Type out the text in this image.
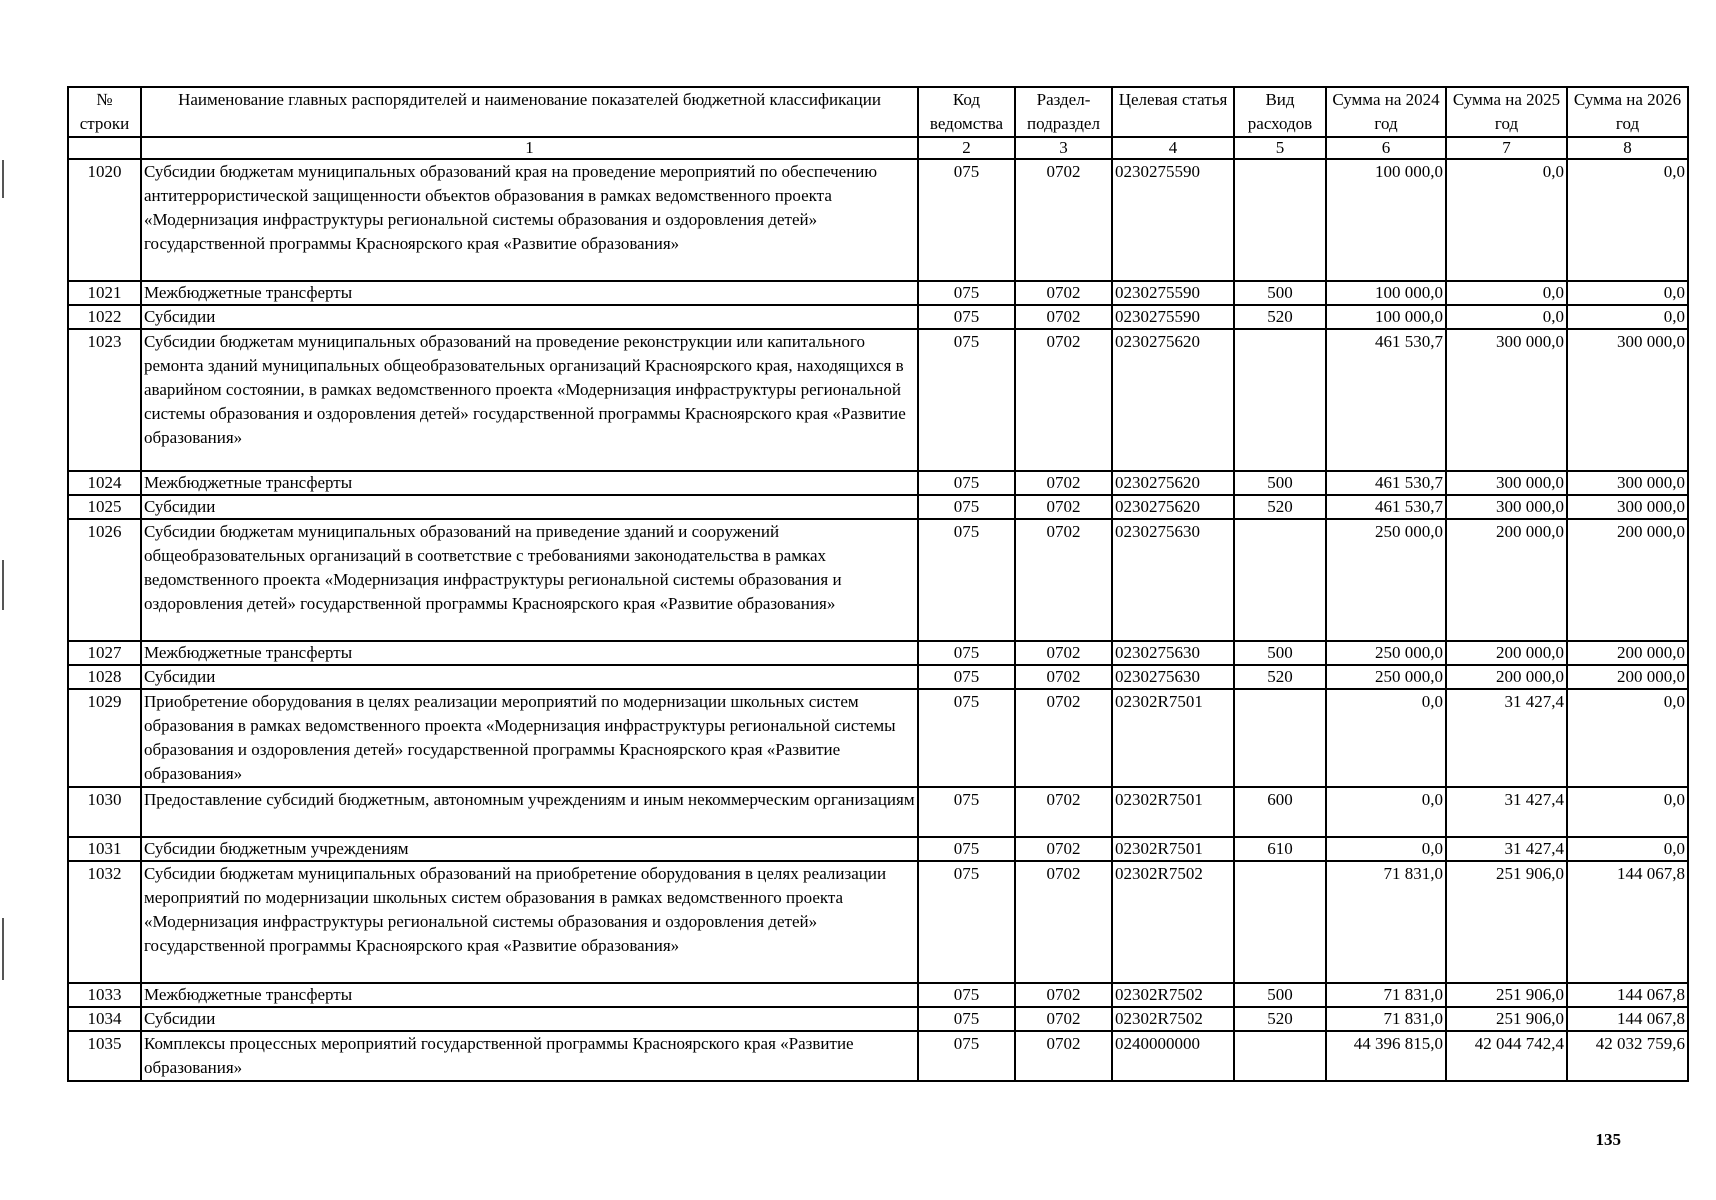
№ строки	Наименование главных распорядителей и наименование показателей бюджетной классификации	Код ведомства	Раздел-подраздел	Целевая статья	Вид расходов	Сумма на 2024 год	Сумма на 2025 год	Сумма на 2026 год
	1	2	3	4	5	6	7	8
1020	Субсидии бюджетам муниципальных образований края на проведение мероприятий по обеспечению антитеррористической защищенности объектов образования в рамках ведомственного проекта «Модернизация инфраструктуры региональной системы образования и оздоровления детей» государственной программы Красноярского края «Развитие образования»	075	0702	0230275590		100 000,0	0,0	0,0
1021	Межбюджетные трансферты	075	0702	0230275590	500	100 000,0	0,0	0,0
1022	Субсидии	075	0702	0230275590	520	100 000,0	0,0	0,0
1023	Субсидии бюджетам муниципальных образований на проведение реконструкции или капитального ремонта зданий муниципальных общеобразовательных организаций Красноярского края, находящихся в аварийном состоянии, в рамках ведомственного проекта «Модернизация инфраструктуры региональной системы образования и оздоровления детей» государственной программы Красноярского края «Развитие образования»	075	0702	0230275620		461 530,7	300 000,0	300 000,0
1024	Межбюджетные трансферты	075	0702	0230275620	500	461 530,7	300 000,0	300 000,0
1025	Субсидии	075	0702	0230275620	520	461 530,7	300 000,0	300 000,0
1026	Субсидии бюджетам муниципальных образований на приведение зданий и сооружений общеобразовательных организаций в соответствие с требованиями законодательства в рамках ведомственного проекта «Модернизация инфраструктуры региональной системы образования и оздоровления детей» государственной программы Красноярского края «Развитие образования»	075	0702	0230275630		250 000,0	200 000,0	200 000,0
1027	Межбюджетные трансферты	075	0702	0230275630	500	250 000,0	200 000,0	200 000,0
1028	Субсидии	075	0702	0230275630	520	250 000,0	200 000,0	200 000,0
1029	Приобретение оборудования в целях реализации мероприятий по модернизации школьных систем образования в рамках ведомственного проекта «Модернизация инфраструктуры региональной системы образования и оздоровления детей» государственной программы Красноярского края «Развитие образования»	075	0702	02302R7501		0,0	31 427,4	0,0
1030	Предоставление субсидий бюджетным, автономным учреждениям и иным некоммерческим организациям	075	0702	02302R7501	600	0,0	31 427,4	0,0
1031	Субсидии бюджетным учреждениям	075	0702	02302R7501	610	0,0	31 427,4	0,0
1032	Субсидии бюджетам муниципальных образований на приобретение оборудования в целях реализации мероприятий по модернизации школьных систем образования в рамках ведомственного проекта «Модернизация инфраструктуры региональной системы образования и оздоровления детей» государственной программы Красноярского края «Развитие образования»	075	0702	02302R7502		71 831,0	251 906,0	144 067,8
1033	Межбюджетные трансферты	075	0702	02302R7502	500	71 831,0	251 906,0	144 067,8
1034	Субсидии	075	0702	02302R7502	520	71 831,0	251 906,0	144 067,8
1035	Комплексы процессных мероприятий государственной программы Красноярского края «Развитие образования»	075	0702	0240000000		44 396 815,0	42 044 742,4	42 032 759,6
135
